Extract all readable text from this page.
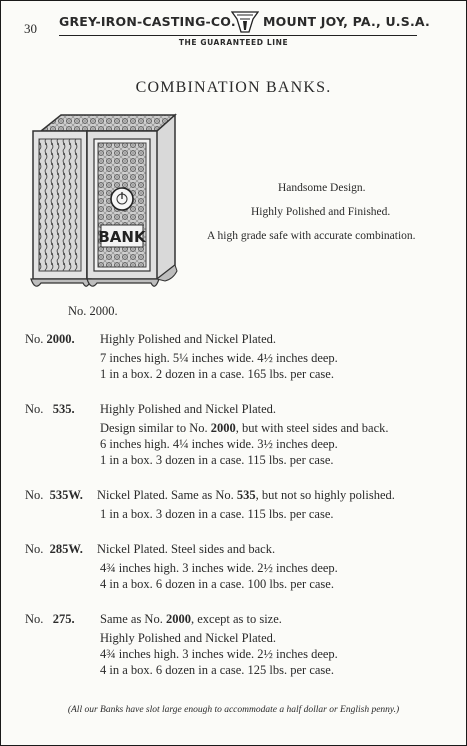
30 GREY-IRON-CASTING-CO. MOUNT JOY, PA., U.S.A.
THE GUARANTEED LINE
COMBINATION BANKS.
BANK
No. 2000.
Handsome Design.
Highly Polished and Finished.
A high grade safe with accurate combination.
No. 2000. Highly Polished and Nickel Plated.
7 inches high. 5¼ inches wide. 4½ inches deep.
1 in a box. 2 dozen in a case. 165 lbs. per case.
No. 535. Highly Polished and Nickel Plated.
Design similar to No. 2000, but with steel sides and back.
6 inches high. 4¼ inches wide. 3½ inches deep.
1 in a box. 3 dozen in a case. 115 lbs. per case.
No. 535W. Nickel Plated. Same as No. 535, but not so highly polished.
1 in a box. 3 dozen in a case. 115 lbs. per case.
No. 285W. Nickel Plated. Steel sides and back.
4¾ inches high. 3 inches wide. 2½ inches deep.
4 in a box. 6 dozen in a case. 100 lbs. per case.
No. 275. Same as No. 2000, except as to size.
Highly Polished and Nickel Plated.
4¾ inches high. 3 inches wide. 2½ inches deep.
4 in a box. 6 dozen in a case. 125 lbs. per case.
(All our Banks have slot large enough to accommodate a half dollar or English penny.)
